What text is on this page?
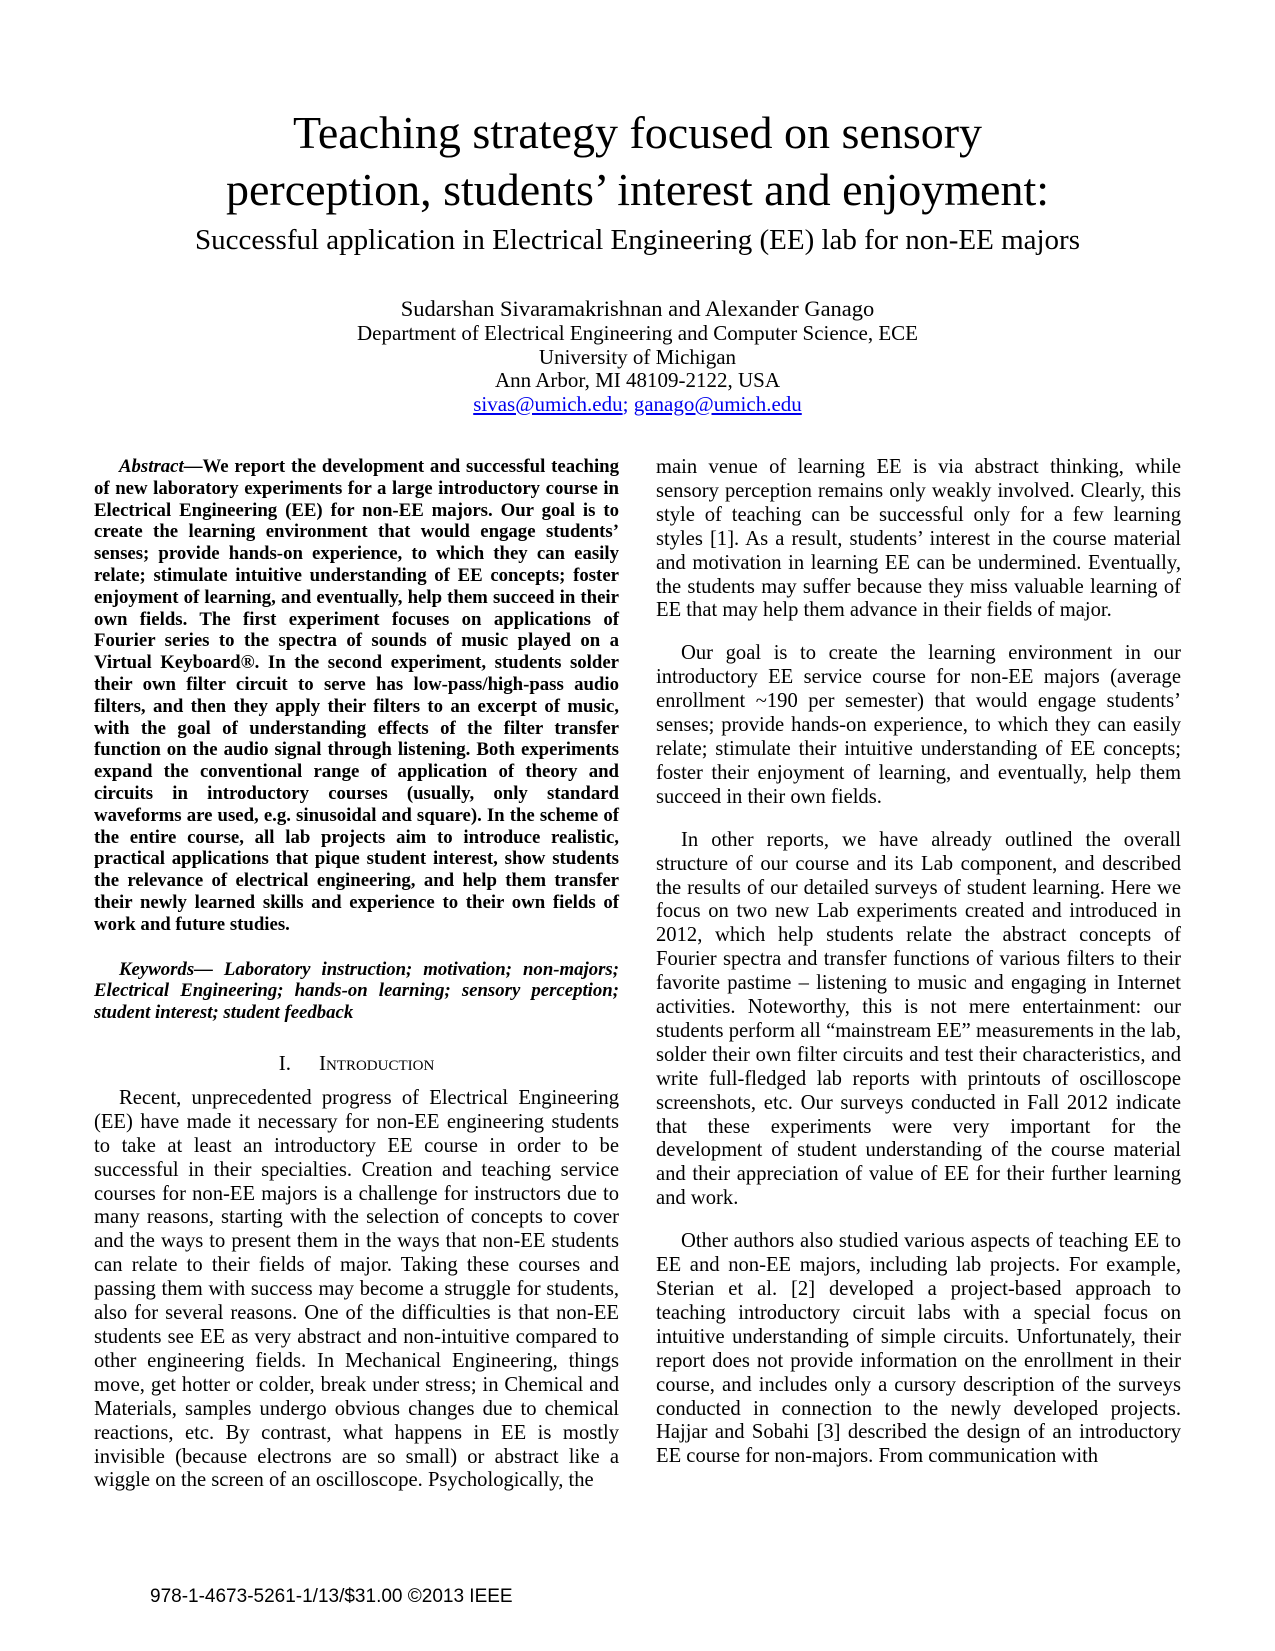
Teaching strategy focused on sensory
perception, students’ interest and enjoyment:
Successful application in Electrical Engineering (EE) lab for non-EE majors
Sudarshan Sivaramakrishnan and Alexander Ganago
Department of Electrical Engineering and Computer Science, ECE
University of Michigan
Ann Arbor, MI 48109-2122, USA
sivas@umich.edu; ganago@umich.edu

Abstract—We report the development and successful teaching of new laboratory experiments for a large introductory course in Electrical Engineering (EE) for non-EE majors. Our goal is to create the learning environment that would engage students’ senses; provide hands-on experience, to which they can easily relate; stimulate intuitive understanding of EE concepts; foster enjoyment of learning, and eventually, help them succeed in their own fields. The first experiment focuses on applications of Fourier series to the spectra of sounds of music played on a Virtual Keyboard®. In the second experiment, students solder their own filter circuit to serve has low-pass/high-pass audio filters, and then they apply their filters to an excerpt of music, with the goal of understanding effects of the filter transfer function on the audio signal through listening. Both experiments expand the conventional range of application of theory and circuits in introductory courses (usually, only standard waveforms are used, e.g. sinusoidal and square). In the scheme of the entire course, all lab projects aim to introduce realistic, practical applications that pique student interest, show students the relevance of electrical engineering, and help them transfer their newly learned skills and experience to their own fields of work and future studies.

Keywords— Laboratory instruction; motivation; non-majors; Electrical Engineering; hands-on learning; sensory perception; student interest; student feedback

I. Introduction

Recent, unprecedented progress of Electrical Engineering (EE) have made it necessary for non-EE engineering students to take at least an introductory EE course in order to be successful in their specialties. Creation and teaching service courses for non-EE majors is a challenge for instructors due to many reasons, starting with the selection of concepts to cover and the ways to present them in the ways that non-EE students can relate to their fields of major. Taking these courses and passing them with success may become a struggle for students, also for several reasons. One of the difficulties is that non-EE students see EE as very abstract and non-intuitive compared to other engineering fields. In Mechanical Engineering, things move, get hotter or colder, break under stress; in Chemical and Materials, samples undergo obvious changes due to chemical reactions, etc. By contrast, what happens in EE is mostly invisible (because electrons are so small) or abstract like a wiggle on the screen of an oscilloscope. Psychologically, the

main venue of learning EE is via abstract thinking, while sensory perception remains only weakly involved. Clearly, this style of teaching can be successful only for a few learning styles [1]. As a result, students’ interest in the course material and motivation in learning EE can be undermined. Eventually, the students may suffer because they miss valuable learning of EE that may help them advance in their fields of major.

Our goal is to create the learning environment in our introductory EE service course for non-EE majors (average enrollment ~190 per semester) that would engage students’ senses; provide hands-on experience, to which they can easily relate; stimulate their intuitive understanding of EE concepts; foster their enjoyment of learning, and eventually, help them succeed in their own fields.

In other reports, we have already outlined the overall structure of our course and its Lab component, and described the results of our detailed surveys of student learning. Here we focus on two new Lab experiments created and introduced in 2012, which help students relate the abstract concepts of Fourier spectra and transfer functions of various filters to their favorite pastime – listening to music and engaging in Internet activities. Noteworthy, this is not mere entertainment: our students perform all “mainstream EE” measurements in the lab, solder their own filter circuits and test their characteristics, and write full-fledged lab reports with printouts of oscilloscope screenshots, etc. Our surveys conducted in Fall 2012 indicate that these experiments were very important for the development of student understanding of the course material and their appreciation of value of EE for their further learning and work.

Other authors also studied various aspects of teaching EE to EE and non-EE majors, including lab projects. For example, Sterian et al. [2] developed a project-based approach to teaching introductory circuit labs with a special focus on intuitive understanding of simple circuits. Unfortunately, their report does not provide information on the enrollment in their course, and includes only a cursory description of the surveys conducted in connection to the newly developed projects. Hajjar and Sobahi [3] described the design of an introductory EE course for non-majors. From communication with

978-1-4673-5261-1/13/$31.00 ©2013 IEEE
